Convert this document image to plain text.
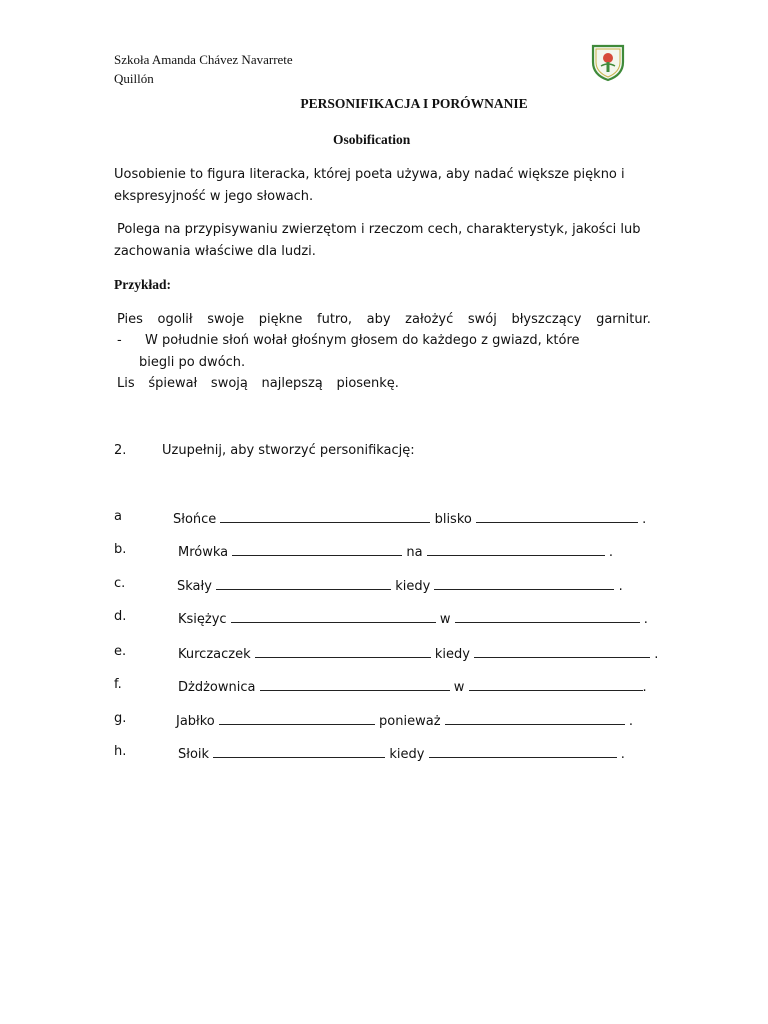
Szkoła Amanda Chávez Navarrete
Quillón
PERSONIFIKACJA I PORÓWNANIE
Osobification
Uosobienie to figura literacka, której poeta używa, aby nadać większe piękno i
ekspresyjność w jego słowach.
Polega na przypisywaniu zwierzętom i rzeczom cech, charakterystyk, jakości lub
zachowania właściwe dla ludzi.
Przykład:
Pies ogolił swoje piękne futro, aby założyć swój błyszczący garnitur.
- W południe słoń wołał głośnym głosem do każdego z gwiazd, które
biegli po dwóch.
Lis śpiewał swoją najlepszą piosenkę.
2.	Uzupełnij, aby stworzyć personifikację:
a	Słońce	blisko	.
b.	Mrówka	na	.
c.	Skały	kiedy	.
d.	Księżyc	w	.
e.	Kurczaczek	kiedy	.
f.	Dżdżownica	w	.
g.	Jabłko	ponieważ	.
h.	Słoik	kiedy	.
